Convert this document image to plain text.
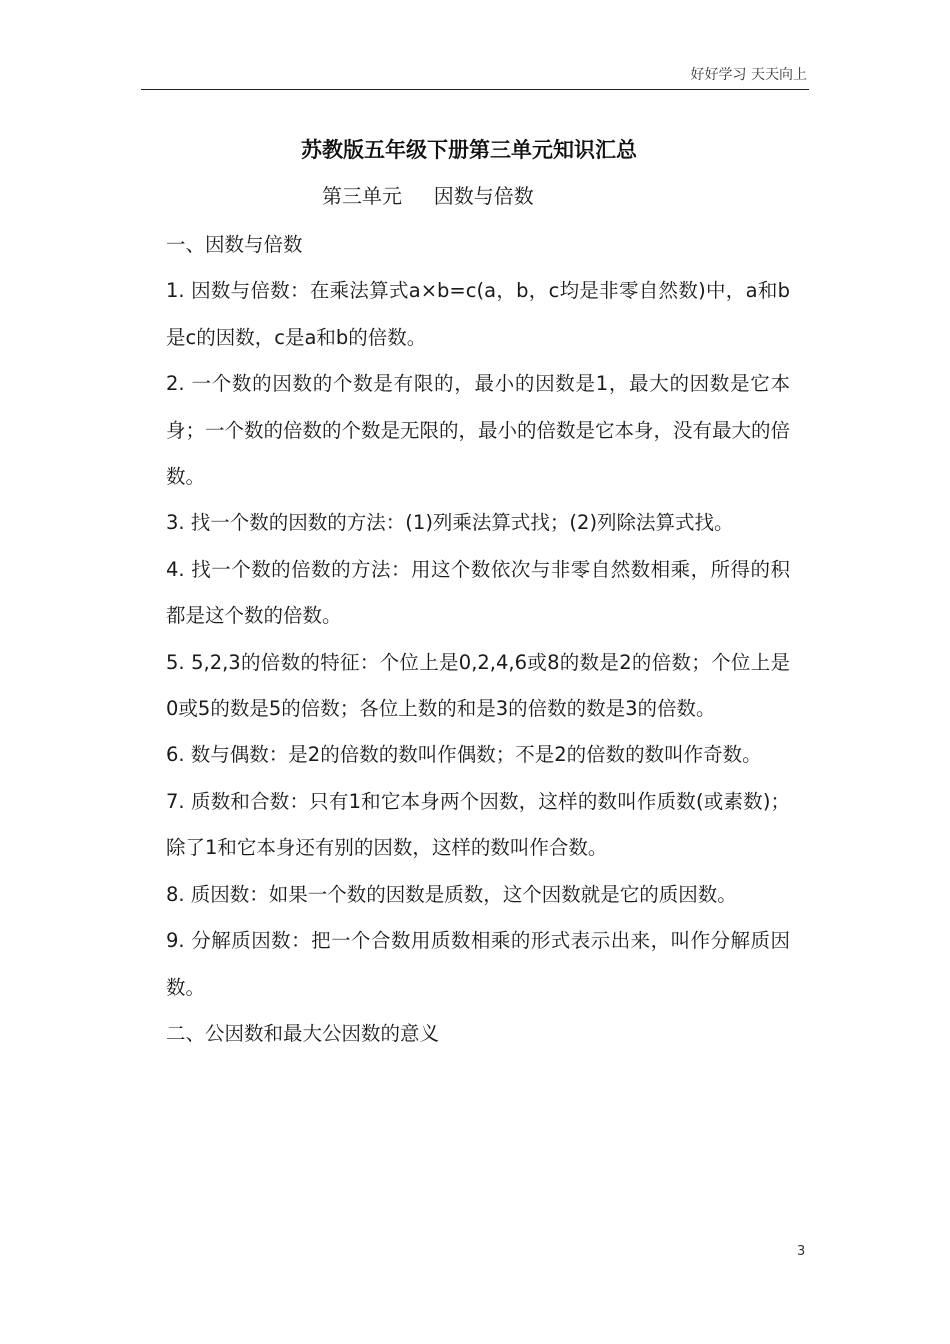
好好学习 天天向上
苏教版五年级下册第三单元知识汇总
第三单元     因数与倍数

一、因数与倍数

1. 因数与倍数：在乘法算式a×b=c(a，b，c均是非零自然数)中，a和b是c的因数，c是a和b的倍数。

2. 一个数的因数的个数是有限的，最小的因数是1，最大的因数是它本身；一个数的倍数的个数是无限的，最小的倍数是它本身，没有最大的倍数。

3. 找一个数的因数的方法：(1)列乘法算式找；(2)列除法算式找。

4. 找一个数的倍数的方法：用这个数依次与非零自然数相乘，所得的积都是这个数的倍数。

5. 5,2,3的倍数的特征：个位上是0,2,4,6或8的数是2的倍数；个位上是0或5的数是5的倍数；各位上数的和是3的倍数的数是3的倍数。

6. 数与偶数：是2的倍数的数叫作偶数；不是2的倍数的数叫作奇数。

7. 质数和合数：只有1和它本身两个因数，这样的数叫作质数(或素数)；除了1和它本身还有别的因数，这样的数叫作合数。

8. 质因数：如果一个数的因数是质数，这个因数就是它的质因数。

9. 分解质因数：把一个合数用质数相乘的形式表示出来，叫作分解质因数。

二、公因数和最大公因数的意义

3
